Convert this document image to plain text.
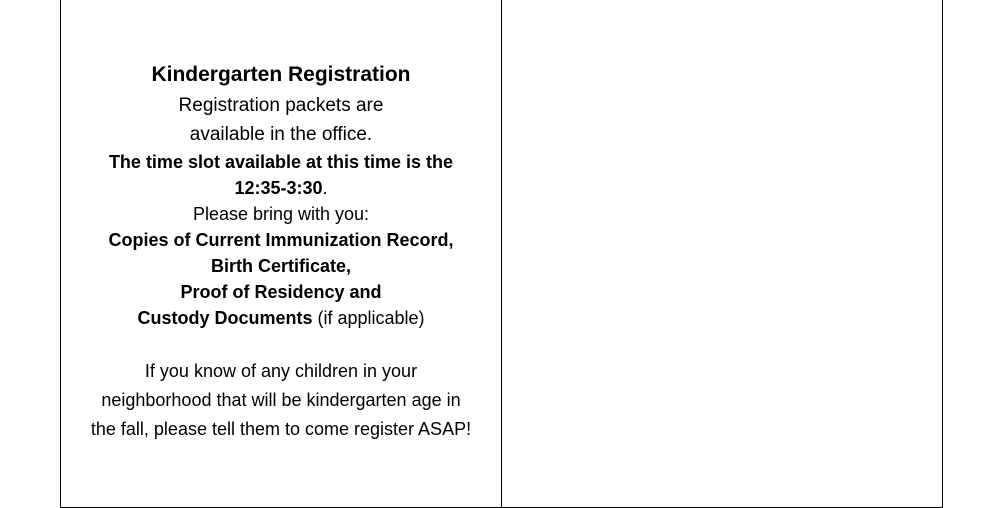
Kindergarten Registration
Registration packets are
available in the office.
The time slot available at this time is the
12:35-3:30.
Please bring with you:
Copies of Current Immunization Record,
Birth Certificate,
Proof of Residency and
Custody Documents (if applicable)
If you know of any children in your
neighborhood that will be kindergarten age in
the fall, please tell them to come register ASAP!
